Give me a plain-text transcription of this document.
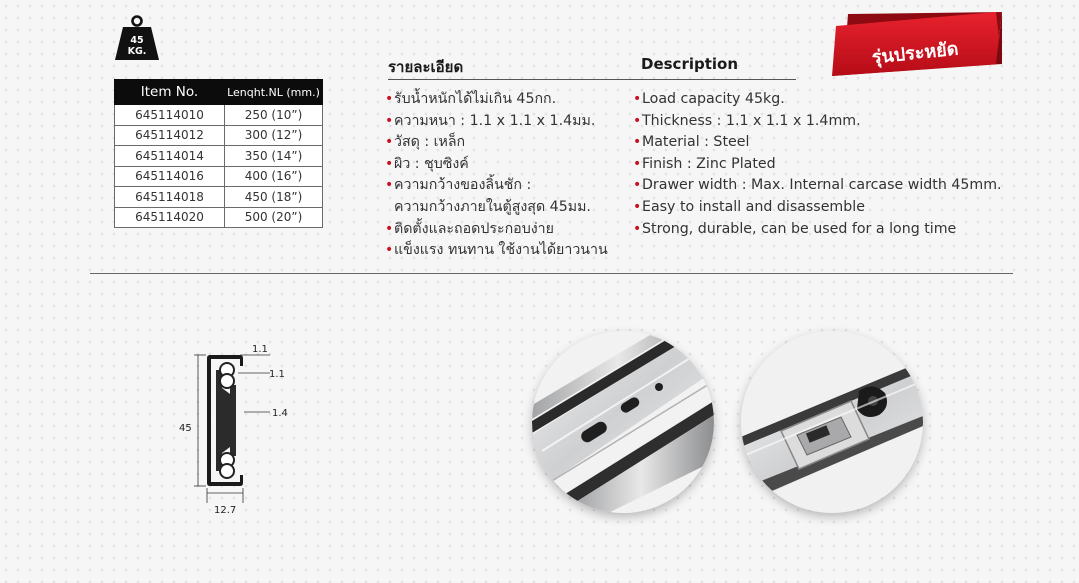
45
KG.
Item No.	Lenqht.NL (mm.)
645114010	250 (10”)
645114012	300 (12”)
645114014	350 (14”)
645114016	400 (16”)
645114018	450 (18”)
645114020	500 (20”)
รายละเอียด	Description
• รับน้ำหนักได้ไม่เกิน 45กก.
• ความหนา : 1.1 x 1.1 x 1.4มม.
• วัสดุ : เหล็ก
• ผิว : ชุบซิงค์
• ความกว้างของลิ้นชัก :
ความกว้างภายในตู้สูงสุด 45มม.
• ติดตั้งและถอดประกอบง่าย
• แข็งแรง ทนทาน ใช้งานได้ยาวนาน
• Load capacity 45kg.
• Thickness : 1.1 x 1.1 x 1.4mm.
• Material : Steel
• Finish : Zinc Plated
• Drawer width : Max. Internal carcase width 45mm.
• Easy to install and disassemble
• Strong, durable, can be used for a long time
รุ่นประหยัด
1.1
1.1
1.4
45
12.7
